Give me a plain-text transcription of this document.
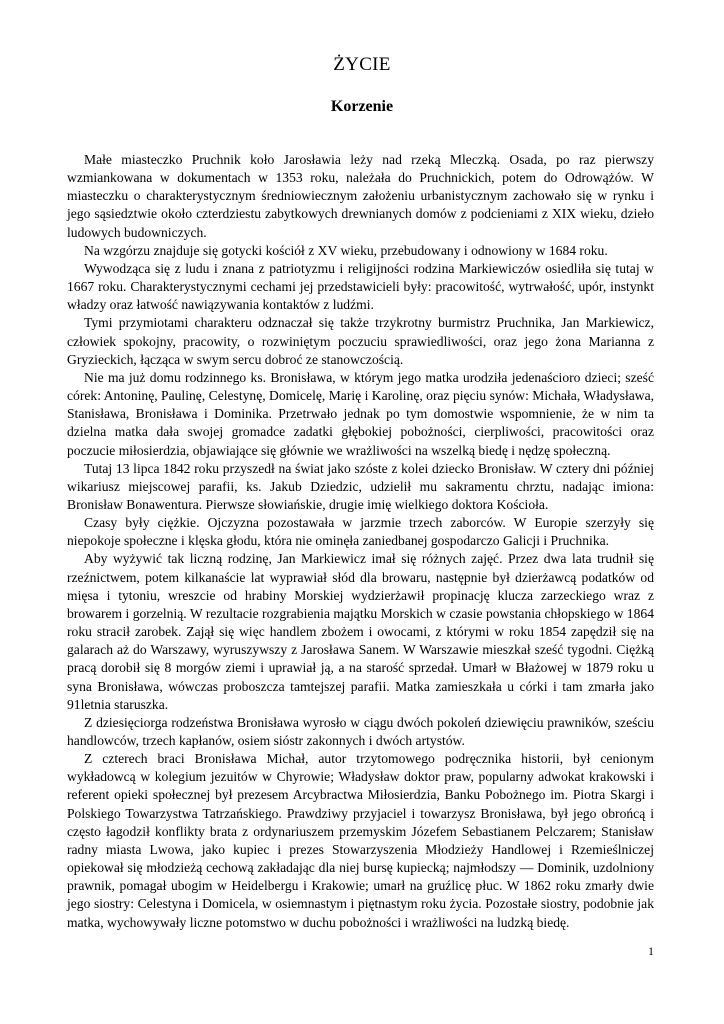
ŻYCIE
Korzenie

Małe miasteczko Pruchnik koło Jarosławia leży nad rzeką Mleczką. Osada, po raz pierwszy wzmiankowana w dokumentach w 1353 roku, należała do Pruchnickich, potem do Odrowążów. W miasteczku o charakterystycznym średniowiecznym założeniu urbanistycznym zachowało się w rynku i jego sąsiedztwie około czterdziestu zabytkowych drewnianych domów z podcieniami z XIX wieku, dzieło ludowych budowniczych.

Na wzgórzu znajduje się gotycki kościół z XV wieku, przebudowany i odnowiony w 1684 roku.

Wywodząca się z ludu i znana z patriotyzmu i religijności rodzina Markiewiczów osiedliła się tutaj w 1667 roku. Charakterystycznymi cechami jej przedstawicieli były: pracowitość, wytrwałość, upór, instynkt władzy oraz łatwość nawiązywania kontaktów z ludźmi.

Tymi przymiotami charakteru odznaczał się także trzykrotny burmistrz Pruchnika, Jan Markiewicz, człowiek spokojny, pracowity, o rozwiniętym poczuciu sprawiedliwości, oraz jego żona Marianna z Gryzieckich, łącząca w swym sercu dobroć ze stanowczością.

Nie ma już domu rodzinnego ks. Bronisława, w którym jego matka urodziła jedenaścioro dzieci; sześć córek: Antoninę, Paulinę, Celestynę, Domicelę, Marię i Karolinę, oraz pięciu synów: Michała, Władysława, Stanisława, Bronisława i Dominika. Przetrwało jednak po tym domostwie wspomnienie, że w nim ta dzielna matka dała swojej gromadce zadatki głębokiej pobożności, cierpliwości, pracowitości oraz poczucie miłosierdzia, objawiające się głównie we wrażliwości na wszelką biedę i nędzę społeczną.

Tutaj 13 lipca 1842 roku przyszedł na świat jako szóste z kolei dziecko Bronisław. W cztery dni później wikariusz miejscowej parafii, ks. Jakub Dziedzic, udzielił mu sakramentu chrztu, nadając imiona: Bronisław Bonawentura. Pierwsze słowiańskie, drugie imię wielkiego doktora Kościoła.

Czasy były ciężkie. Ojczyzna pozostawała w jarzmie trzech zaborców. W Europie szerzyły się niepokoje społeczne i klęska głodu, która nie ominęła zaniedbanej gospodarczo Galicji i Pruchnika.

Aby wyżywić tak liczną rodzinę, Jan Markiewicz imał się różnych zajęć. Przez dwa lata trudnił się rzeźnictwem, potem kilkanaście lat wyprawiał słód dla browaru, następnie był dzierżawcą podatków od mięsa i tytoniu, wreszcie od hrabiny Morskiej wydzierżawił propinację klucza zarzeckiego wraz z browarem i gorzelnią. W rezultacie rozgrabienia majątku Morskich w czasie powstania chłopskiego w 1864 roku stracił zarobek. Zajął się więc handlem zbożem i owocami, z którymi w roku 1854 zapędził się na galarach aż do Warszawy, wyruszywszy z Jarosława Sanem. W Warszawie mieszkał sześć tygodni. Ciężką pracą dorobił się 8 morgów ziemi i uprawiał ją, a na starość sprzedał. Umarł w Błażowej w 1879 roku u syna Bronisława, wówczas proboszcza tamtejszej parafii. Matka zamieszkała u córki i tam zmarła jako 91letnia staruszka.

Z dziesięciorga rodzeństwa Bronisława wyrosło w ciągu dwóch pokoleń dziewięciu prawników, sześciu handlowców, trzech kapłanów, osiem sióstr zakonnych i dwóch artystów.

Z czterech braci Bronisława Michał, autor trzytomowego podręcznika historii, był cenionym wykładowcą w kolegium jezuitów w Chyrowie; Władysław doktor praw, popularny adwokat krakowski i referent opieki społecznej był prezesem Arcybractwa Miłosierdzia, Banku Pobożnego im. Piotra Skargi i Polskiego Towarzystwa Tatrzańskiego. Prawdziwy przyjaciel i towarzysz Bronisława, był jego obrońcą i często łagodził konflikty brata z ordynariuszem przemyskim Józefem Sebastianem Pelczarem; Stanisław radny miasta Lwowa, jako kupiec i prezes Stowarzyszenia Młodzieży Handlowej i Rzemieślniczej opiekował się młodzieżą cechową zakładając dla niej bursę kupiecką; najmłodszy — Dominik, uzdolniony prawnik, pomagał ubogim w Heidelbergu i Krakowie; umarł na gruźlicę płuc. W 1862 roku zmarły dwie jego siostry: Celestyna i Domicela, w osiemnastym i piętnastym roku życia. Pozostałe siostry, podobnie jak matka, wychowywały liczne potomstwo w duchu pobożności i wrażliwości na ludzką biedę.

1
